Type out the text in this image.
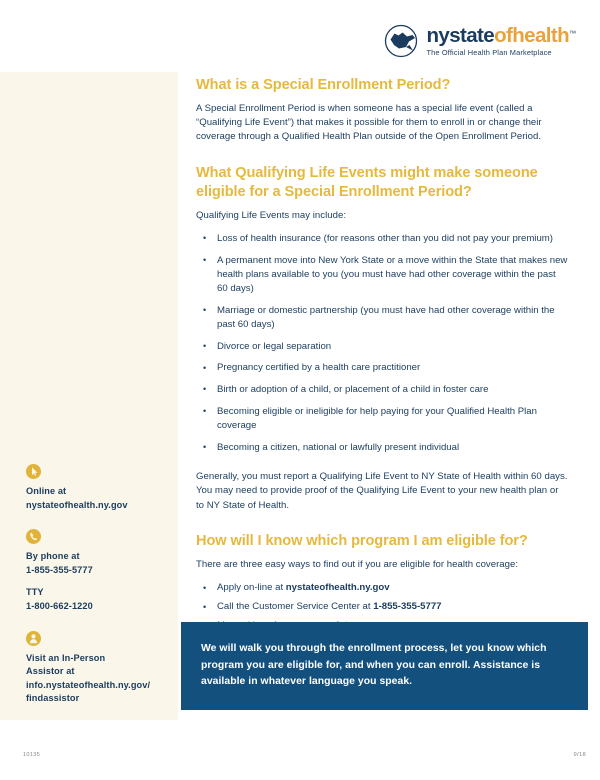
Online at
nystateofhealth.ny.gov
By phone at
1-855-355-5777
TTY
1-800-662-1220
Visit an In-Person
Assistor at
info.nystateofhealth.ny.gov/
findassistor
nystateofhealth™
The Official Health Plan Marketplace
What is a Special Enrollment Period?

A Special Enrollment Period is when someone has a special life event (called a “Qualifying Life Event”) that makes it possible for them to enroll in or change their coverage through a Qualified Health Plan outside of the Open Enrollment Period.

What Qualifying Life Events might make someone eligible for a Special Enrollment Period?

Qualifying Life Events may include:

• Loss of health insurance (for reasons other than you did not pay your premium)
• A permanent move into New York State or a move within the State that makes new health plans available to you (you must have had other coverage within the past 60 days)
• Marriage or domestic partnership (you must have had other coverage within the past 60 days)
• Divorce or legal separation
• Pregnancy certified by a health care practitioner
• Birth or adoption of a child, or placement of a child in foster care
• Becoming eligible or ineligible for help paying for your Qualified Health Plan coverage
• Becoming a citizen, national or lawfully present individual

Generally, you must report a Qualifying Life Event to NY State of Health within 60 days. You may need to provide proof of the Qualifying Life Event to your new health plan or to NY State of Health.

How will I know which program I am eligible for?

There are three easy ways to find out if you are eligible for health coverage:

• Apply on-line at nystateofhealth.ny.gov
• Call the Customer Service Center at 1-855-355-5777
•

We will walk you through the enrollment process, let you know which program you are eligible for, and when you can enroll. Assistance is available in whatever language you speak.

10135	9/18
